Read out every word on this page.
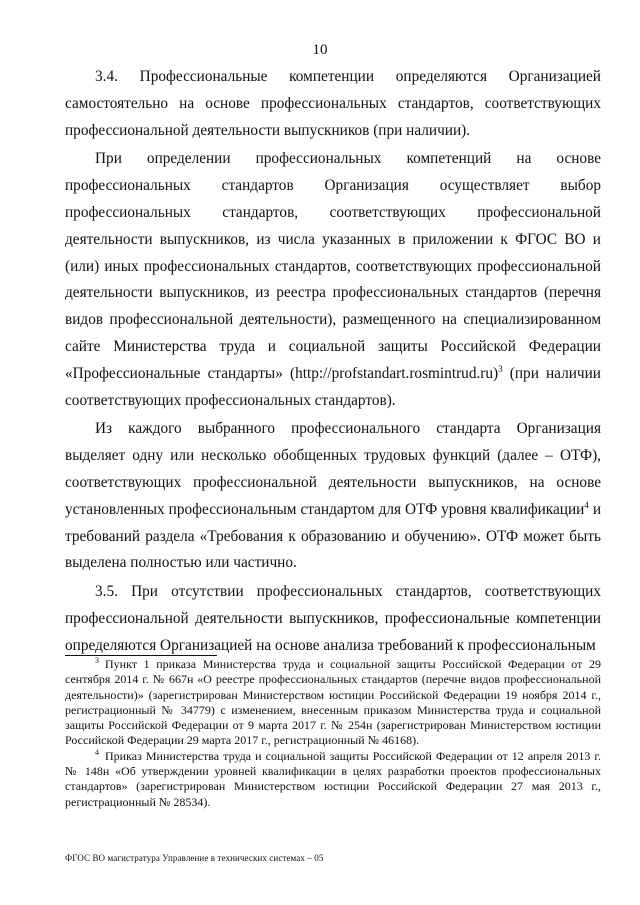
10

3.4. Профессиональные компетенции определяются Организацией самостоятельно на основе профессиональных стандартов, соответствующих профессиональной деятельности выпускников (при наличии).

При определении профессиональных компетенций на основе профессиональных стандартов Организация осуществляет выбор профессиональных стандартов, соответствующих профессиональной деятельности выпускников, из числа указанных в приложении к ФГОС ВО и (или) иных профессиональных стандартов, соответствующих профессиональной деятельности выпускников, из реестра профессиональных стандартов (перечня видов профессиональной деятельности), размещенного на специализированном сайте Министерства труда и социальной защиты Российской Федерации «Профессиональные стандарты» (http://profstandart.rosmintrud.ru)$^3$ (при наличии соответствующих профессиональных стандартов).

Из каждого выбранного профессионального стандарта Организация выделяет одну или несколько обобщенных трудовых функций (далее – ОТФ), соответствующих профессиональной деятельности выпускников, на основе установленных профессиональным стандартом для ОТФ уровня квалификации$^4$ и требований раздела «Требования к образованию и обучению». ОТФ может быть выделена полностью или частично.

3.5. При отсутствии профессиональных стандартов, соответствующих профессиональной деятельности выпускников, профессиональные компетенции определяются Организацией на основе анализа требований к профессиональным

$^3$ Пункт 1 приказа Министерства труда и социальной защиты Российской Федерации от 29 сентября 2014 г. № 667н «О реестре профессиональных стандартов (перечне видов профессиональной деятельности)» (зарегистрирован Министерством юстиции Российской Федерации 19 ноября 2014 г., регистрационный № 34779) с изменением, внесенным приказом Министерства труда и социальной защиты Российской Федерации от 9 марта 2017 г. № 254н (зарегистрирован Министерством юстиции Российской Федерации 29 марта 2017 г., регистрационный № 46168).

$^4$ Приказ Министерства труда и социальной защиты Российской Федерации от 12 апреля 2013 г. № 148н «Об утверждении уровней квалификации в целях разработки проектов профессиональных стандартов» (зарегистрирован Министерством юстиции Российской Федерации 27 мая 2013 г., регистрационный № 28534).

ФГОС ВО магистратура Управление в технических системах – 05
